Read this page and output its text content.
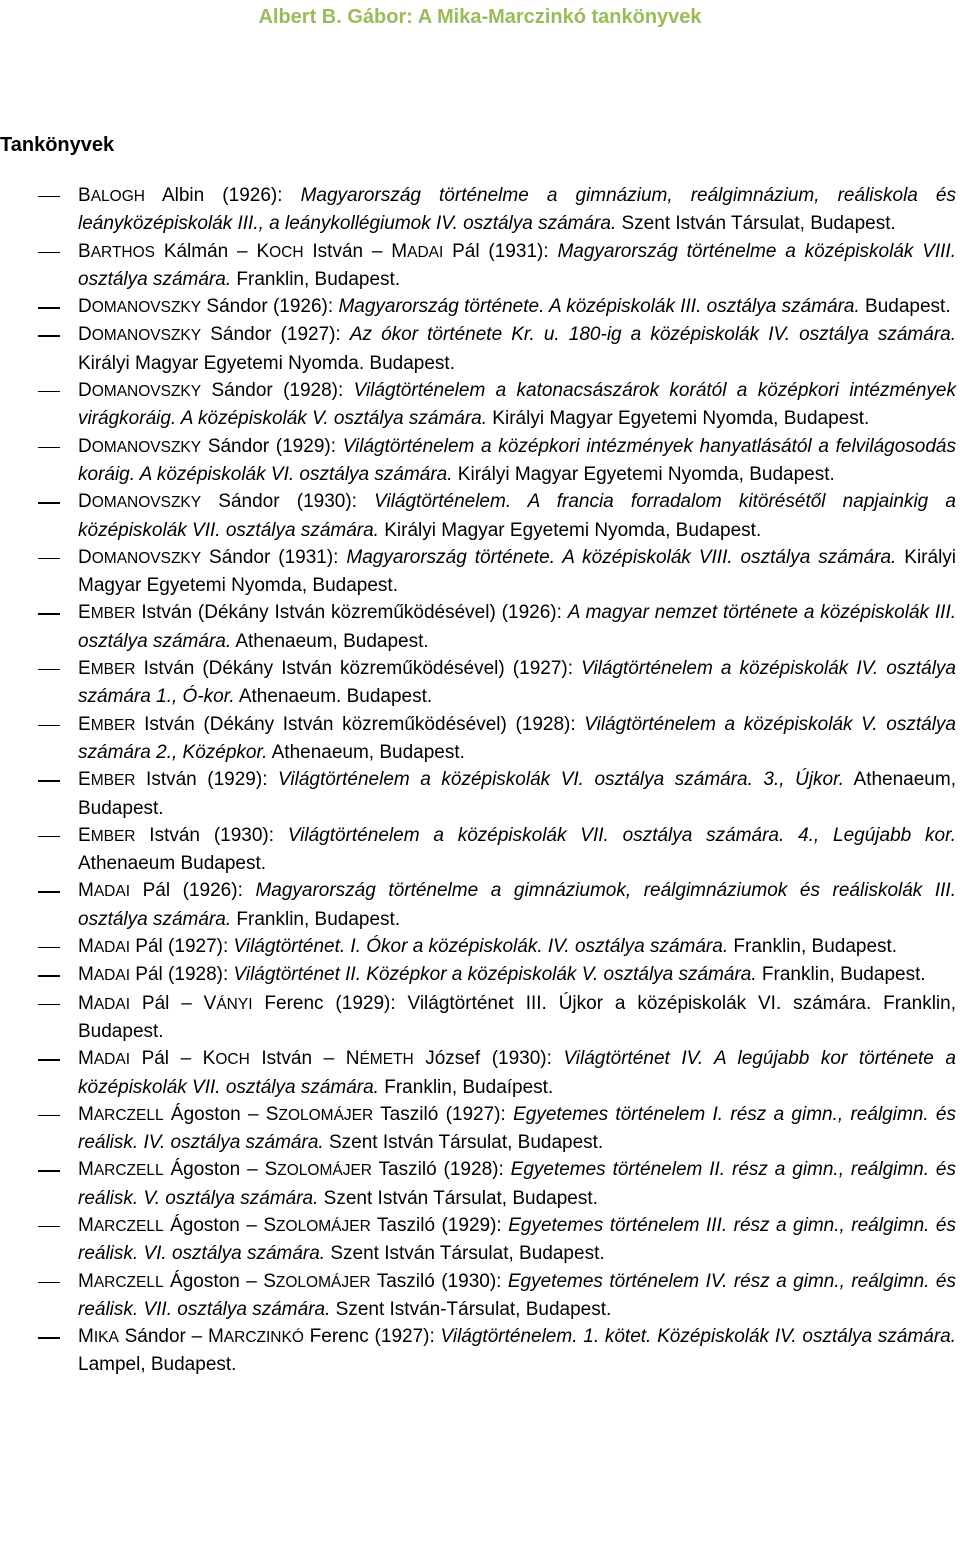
Albert B. Gábor: A Mika-Marczinkó tankönyvek
Tankönyvek
BALOGH Albin (1926): Magyarország történelme a gimnázium, reálgimnázium, reáliskola és leányközépiskolák III., a leánykollégiumok IV. osztálya számára. Szent István Társulat, Budapest.
BARTHOS Kálmán – KOCH István – MADAI Pál (1931): Magyarország történelme a középiskolák VIII. osztálya számára. Franklin, Budapest.
DOMANOVSZKY Sándor (1926): Magyarország története. A középiskolák III. osztálya számára. Budapest.
DOMANOVSZKY Sándor (1927): Az ókor története Kr. u. 180-ig a középiskolák IV. osztálya számára. Királyi Magyar Egyetemi Nyomda. Budapest.
DOMANOVSZKY Sándor (1928): Világtörténelem a katonacsászárok korától a középkori intézmények virágkoráig. A középiskolák V. osztálya számára. Királyi Magyar Egyetemi Nyomda, Budapest.
DOMANOVSZKY Sándor (1929): Világtörténelem a középkori intézmények hanyatlásától a felvilágosodás koráig. A középiskolák VI. osztálya számára. Királyi Magyar Egyetemi Nyomda, Budapest.
DOMANOVSZKY Sándor (1930): Világtörténelem. A francia forradalom kitörésétől napjainkig a középiskolák VII. osztálya számára. Királyi Magyar Egyetemi Nyomda, Budapest.
DOMANOVSZKY Sándor (1931): Magyarország története. A középiskolák VIII. osztálya számára. Királyi Magyar Egyetemi Nyomda, Budapest.
EMBER István (Dékány István közreműködésével) (1926): A magyar nemzet története a középiskolák III. osztálya számára. Athenaeum, Budapest.
EMBER István (Dékány István közreműködésével) (1927): Világtörténelem a középiskolák IV. osztálya számára 1., Ó-kor. Athenaeum. Budapest.
EMBER István (Dékány István közreműködésével) (1928): Világtörténelem a középiskolák V. osztálya számára 2., Középkor. Athenaeum, Budapest.
EMBER István (1929): Világtörténelem a középiskolák VI. osztálya számára. 3., Újkor. Athenaeum, Budapest.
EMBER István (1930): Világtörténelem a középiskolák VII. osztálya számára. 4., Legújabb kor. Athenaeum Budapest.
MADAI Pál (1926): Magyarország történelme a gimnáziumok, reálgimnáziumok és reáliskolák III. osztálya számára. Franklin, Budapest.
MADAI Pál (1927): Világtörténet. I. Ókor a középiskolák. IV. osztálya számára. Franklin, Budapest.
MADAI Pál (1928): Világtörténet II. Középkor a középiskolák V. osztálya számára. Franklin, Budapest.
MADAI Pál – VÁNYI Ferenc (1929): Világtörténet III. Újkor a középiskolák VI. számára. Franklin, Budapest.
MADAI Pál – KOCH István – NÉMETH József (1930): Világtörténet IV. A legújabb kor története a középiskolák VII. osztálya számára. Franklin, Budaípest.
MARCZELL Ágoston – SZOLOMÁJER Tasziló (1927): Egyetemes történelem I. rész a gimn., reálgimn. és reálisk. IV. osztálya számára. Szent István Társulat, Budapest.
MARCZELL Ágoston – SZOLOMÁJER Tasziló (1928): Egyetemes történelem II. rész a gimn., reálgimn. és reálisk. V. osztálya számára. Szent István Társulat, Budapest.
MARCZELL Ágoston – SZOLOMÁJER Tasziló (1929): Egyetemes történelem III. rész a gimn., reálgimn. és reálisk. VI. osztálya számára. Szent István Társulat, Budapest.
MARCZELL Ágoston – SZOLOMÁJER Tasziló (1930): Egyetemes történelem IV. rész a gimn., reálgimn. és reálisk. VII. osztálya számára. Szent István-Társulat, Budapest.
MIKA Sándor – MARCZINKÓ Ferenc (1927): Világtörténelem. 1. kötet. Középiskolák IV. osztálya számára. Lampel, Budapest.
